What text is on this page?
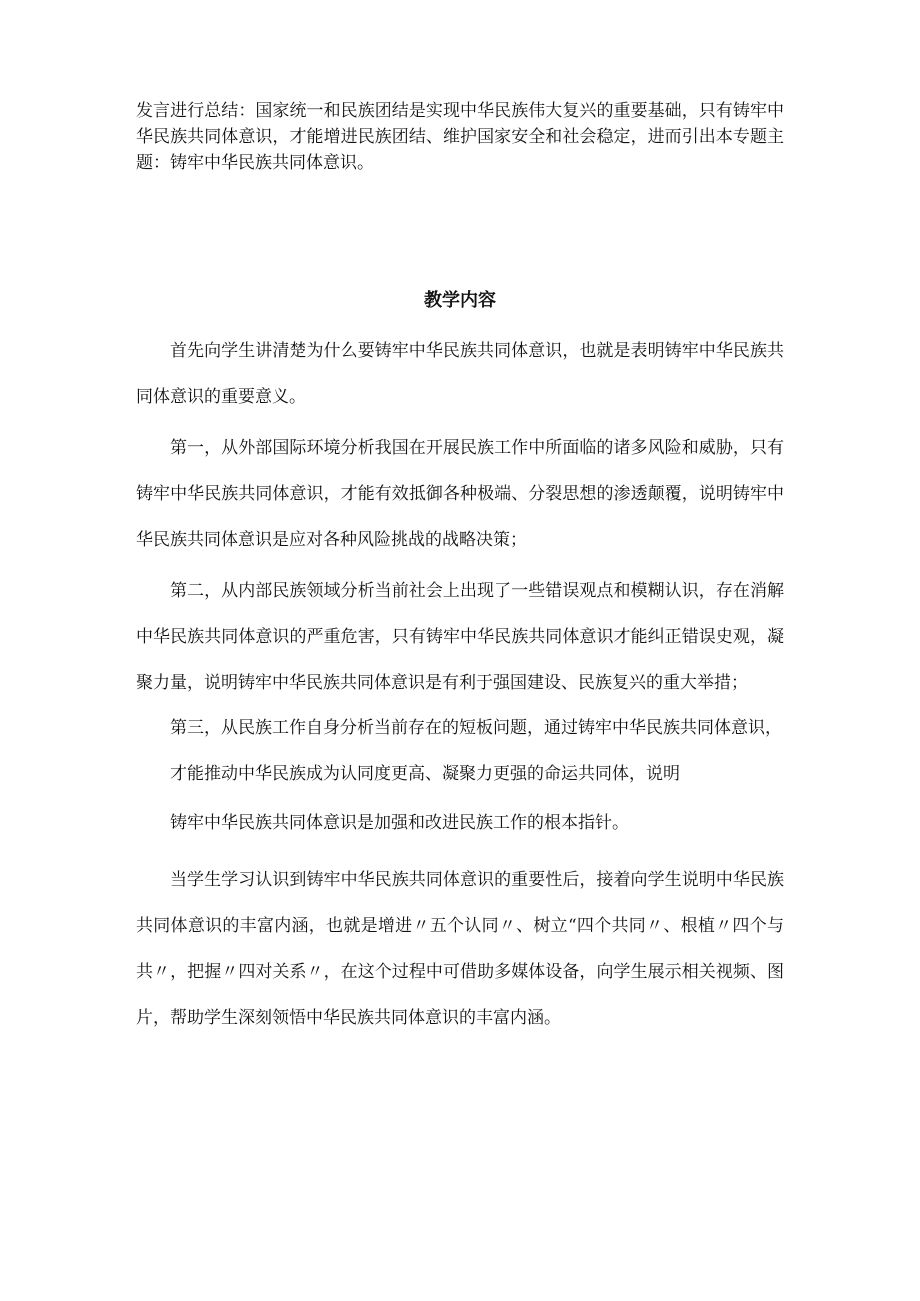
发言进行总结：国家统一和民族团结是实现中华民族伟大复兴的重要基础，只有铸牢中华民族共同体意识，才能增进民族团结、维护国家安全和社会稳定，进而引出本专题主题：铸牢中华民族共同体意识。

教学内容

首先向学生讲清楚为什么要铸牢中华民族共同体意识，也就是表明铸牢中华民族共同体意识的重要意义。

第一，从外部国际环境分析我国在开展民族工作中所面临的诸多风险和威胁，只有铸牢中华民族共同体意识，才能有效抵御各种极端、分裂思想的渗透颠覆，说明铸牢中华民族共同体意识是应对各种风险挑战的战略决策；

第二，从内部民族领域分析当前社会上出现了一些错误观点和模糊认识，存在消解中华民族共同体意识的严重危害，只有铸牢中华民族共同体意识才能纠正错误史观，凝聚力量，说明铸牢中华民族共同体意识是有利于强国建设、民族复兴的重大举措；

第三，从民族工作自身分析当前存在的短板问题，通过铸牢中华民族共同体意识，

才能推动中华民族成为认同度更高、凝聚力更强的命运共同体，说明

铸牢中华民族共同体意识是加强和改进民族工作的根本指针。

当学生学习认识到铸牢中华民族共同体意识的重要性后，接着向学生说明中华民族共同体意识的丰富内涵，也就是增进〃五个认同〃、树立“四个共同〃、根植〃四个与共〃，把握〃四对关系〃，在这个过程中可借助多媒体设备，向学生展示相关视频、图片，帮助学生深刻领悟中华民族共同体意识的丰富内涵。
